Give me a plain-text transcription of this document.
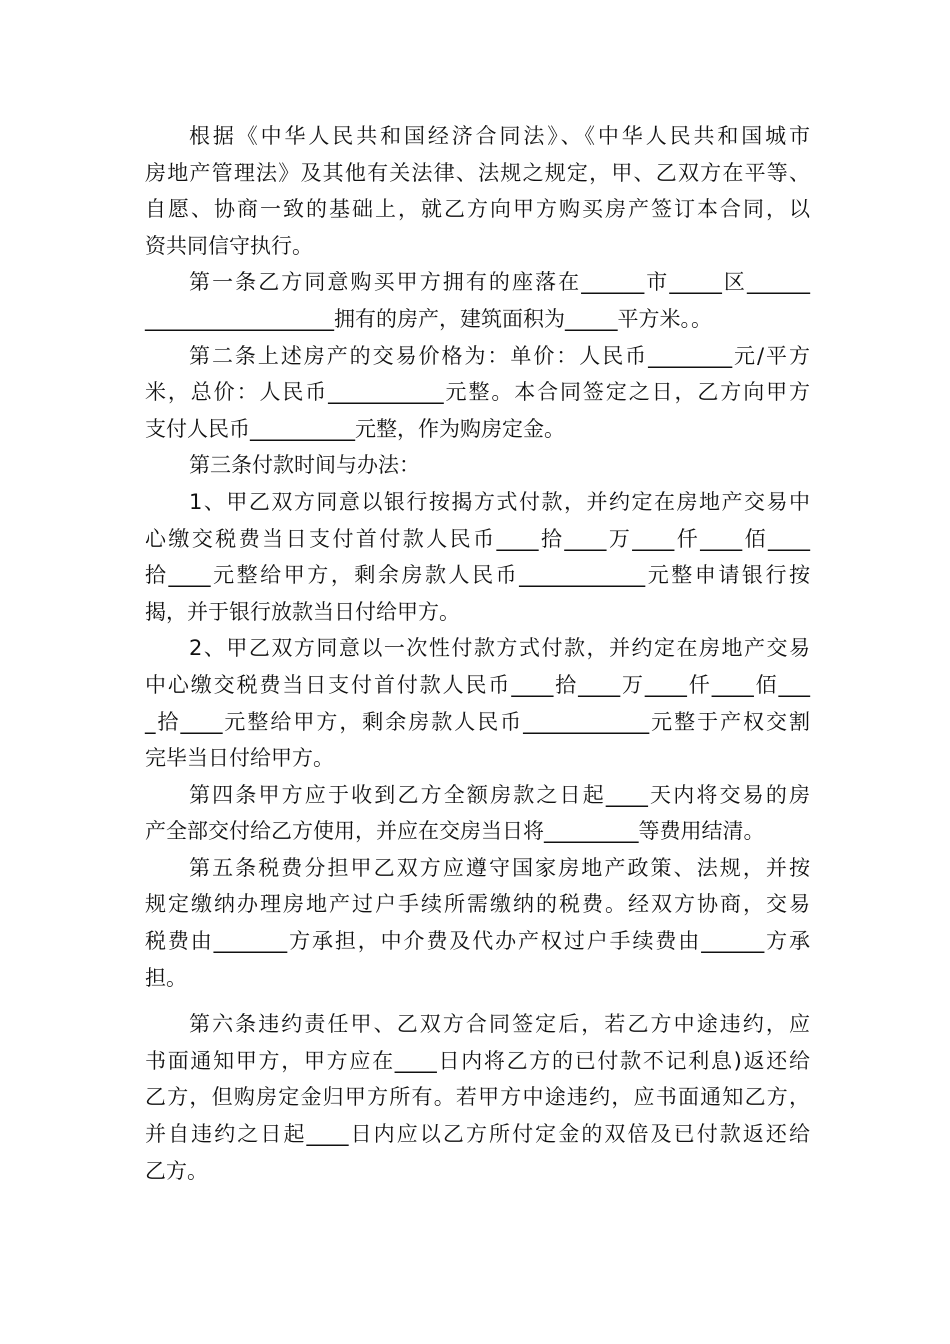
根据《中华人民共和国经济合同法》、《中华人民共和国城市
房地产管理法》及其他有关法律、法规之规定，甲、乙双方在平等、
自愿、协商一致的基础上，就乙方向甲方购买房产签订本合同，以
资共同信守执行。
第一条乙方同意购买甲方拥有的座落在______市_____区______
__________________拥有的房产，建筑面积为_____平方米。。
第二条上述房产的交易价格为：单价：人民币________元/平方
米，总价：人民币___________元整。本合同签定之日，乙方向甲方
支付人民币__________元整，作为购房定金。
第三条付款时间与办法：
1、甲乙双方同意以银行按揭方式付款，并约定在房地产交易中
心缴交税费当日支付首付款人民币____拾____万____仟____佰____
拾____元整给甲方，剩余房款人民币____________元整申请银行按
揭，并于银行放款当日付给甲方。
2、甲乙双方同意以一次性付款方式付款，并约定在房地产交易
中心缴交税费当日支付首付款人民币____拾____万____仟____佰___
_拾____元整给甲方，剩余房款人民币____________元整于产权交割
完毕当日付给甲方。
第四条甲方应于收到乙方全额房款之日起____天内将交易的房
产全部交付给乙方使用，并应在交房当日将_________等费用结清。
第五条税费分担甲乙双方应遵守国家房地产政策、法规，并按
规定缴纳办理房地产过户手续所需缴纳的税费。经双方协商，交易
税费由_______方承担，中介费及代办产权过户手续费由______方承
担。
第六条违约责任甲、乙双方合同签定后，若乙方中途违约，应
书面通知甲方，甲方应在____日内将乙方的已付款不记利息)返还给
乙方，但购房定金归甲方所有。若甲方中途违约，应书面通知乙方，
并自违约之日起____日内应以乙方所付定金的双倍及已付款返还给
乙方。
